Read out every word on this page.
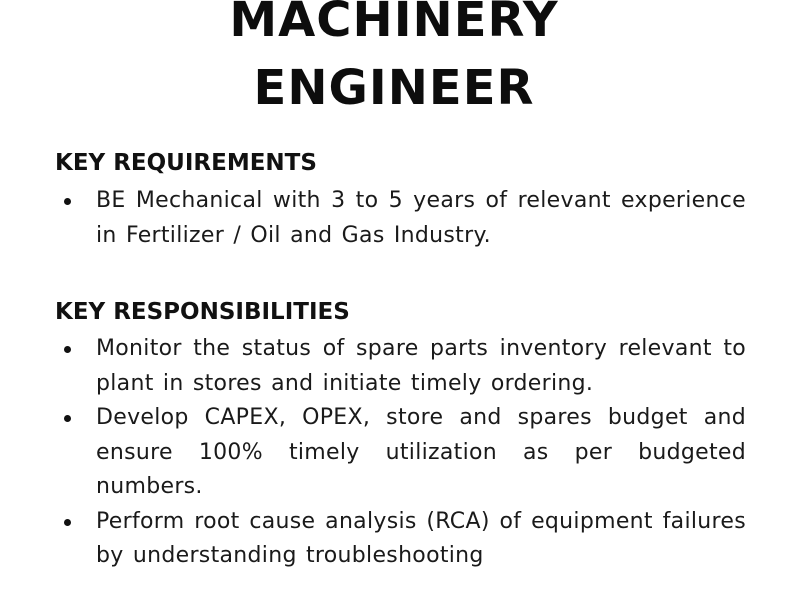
MACHINERY
ENGINEER
KEY REQUIREMENTS
BE Mechanical with 3 to 5 years of relevant experience in Fertilizer / Oil and Gas Industry.
KEY RESPONSIBILITIES
Monitor the status of spare parts inventory relevant to plant in stores and initiate timely ordering.
Develop CAPEX, OPEX, store and spares budget and ensure 100% timely utilization as per budgeted numbers.
Perform root cause analysis (RCA) of equipment failures by understanding troubleshooting
